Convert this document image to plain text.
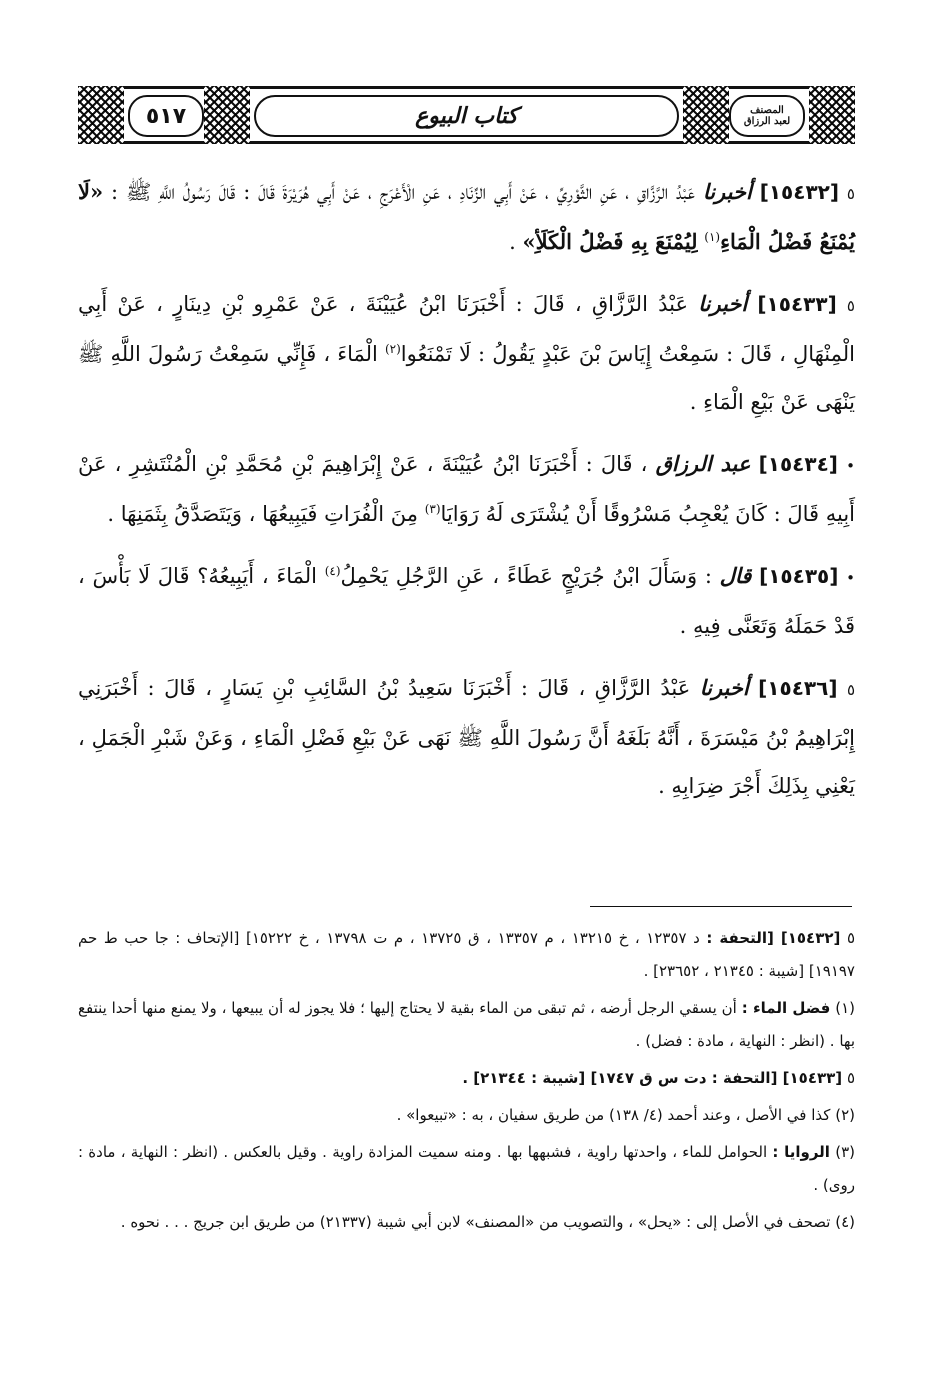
٥١٧	كتاب البيوع	المصنف
لعبد الرزاق

٥ [١٥٤٣٢] أخبرنا عَبْدُ الرَّزَّاقِ ، عَنِ الثَّوْرِيِّ ، عَنْ أَبِي الزِّنَادِ ، عَنِ الْأَعْرَجِ ، عَنْ أَبِي هُرَيْرَةَ قَالَ : قَالَ رَسُولُ اللَّهِ ﷺ : «لَا يُمْنَعُ فَضْلُ الْمَاءِ$^{(١)}$ لِيُمْنَعَ بِهِ فَضْلُ الْكَلَأِ» .

٥ [١٥٤٣٣] أخبرنا عَبْدُ الرَّزَّاقِ ، قَالَ : أَخْبَرَنَا ابْنُ عُيَيْنَةَ ، عَنْ عَمْرِو بْنِ دِينَارٍ ، عَنْ أَبِي الْمِنْهَالِ ، قَالَ : سَمِعْتُ إِيَاسَ بْنَ عَبْدٍ يَقُولُ : لَا تَمْنَعُوا$^{(٢)}$ الْمَاءَ ، فَإِنِّي سَمِعْتُ رَسُولَ اللَّهِ ﷺ يَنْهَى عَنْ بَيْعِ الْمَاءِ .

• [١٥٤٣٤] عبد الرزاق ، قَالَ : أَخْبَرَنَا ابْنُ عُيَيْنَةَ ، عَنْ إِبْرَاهِيمَ بْنِ مُحَمَّدِ بْنِ الْمُنْتَشِرِ ، عَنْ أَبِيهِ قَالَ : كَانَ يُعْجِبُ مَسْرُوقًا أَنْ يُشْتَرَى لَهُ رَوَايَا$^{(٣)}$ مِنَ الْفُرَاتِ فَيَبِيعُهَا ، وَيَتَصَدَّقُ بِثَمَنِهَا .

• [١٥٤٣٥] قال : وَسَأَلَ ابْنُ جُرَيْجٍ عَطَاءً ، عَنِ الرَّجُلِ يَحْمِلُ$^{(٤)}$ الْمَاءَ ، أَيَبِيعُهُ؟ قَالَ لَا بَأْسَ ، قَدْ حَمَلَهُ وَتَعَنَّى فِيهِ .

٥ [١٥٤٣٦] أخبرنا عَبْدُ الرَّزَّاقِ ، قَالَ : أَخْبَرَنَا سَعِيدُ بْنُ السَّائِبِ بْنِ يَسَارٍ ، قَالَ : أَخْبَرَنِي إِبْرَاهِيمُ بْنُ مَيْسَرَةَ ، أَنَّهُ بَلَغَهُ أَنَّ رَسُولَ اللَّهِ ﷺ نَهَى عَنْ بَيْعِ فَضْلِ الْمَاءِ ، وَعَنْ شَبْرِ الْجَمَلِ ، يَعْنِي بِذَلِكَ أَجْرَ ضِرَابِهِ .

٥ [١٥٤٣٢] [التحفة : د ١٢٣٥٧ ، خ ١٣٢١٥ ، م ١٣٣٥٧ ، ق ١٣٧٢٥ ، م ت ١٣٧٩٨ ، خ ١٥٢٢٢] [الإتحاف : جا حب ط حم ١٩١٩٧] [شيبة : ٢١٣٤٥ ، ٢٣٦٥٢] .

(١) فضل الماء : أن يسقي الرجل أرضه ، ثم تبقى من الماء بقية لا يحتاج إليها ؛ فلا يجوز له أن يبيعها ، ولا يمنع منها أحدا ينتفع بها . (انظر : النهاية ، مادة : فضل) .

٥ [١٥٤٣٣] [التحفة : دت س ق ١٧٤٧] [شيبة : ٢١٣٤٤] .

(٢) كذا في الأصل ، وعند أحمد (٤/ ١٣٨) من طريق سفيان ، به : «تبيعوا» .

(٣) الروايا : الحوامل للماء ، واحدتها راوية ، فشبهها بها . ومنه سميت المزادة راوية . وقيل بالعكس . (انظر : النهاية ، مادة : روى) .

(٤) تصحف في الأصل إلى : «يحل» ، والتصويب من «المصنف» لابن أبي شيبة (٢١٣٣٧) من طريق ابن جريج . . . نحوه .
